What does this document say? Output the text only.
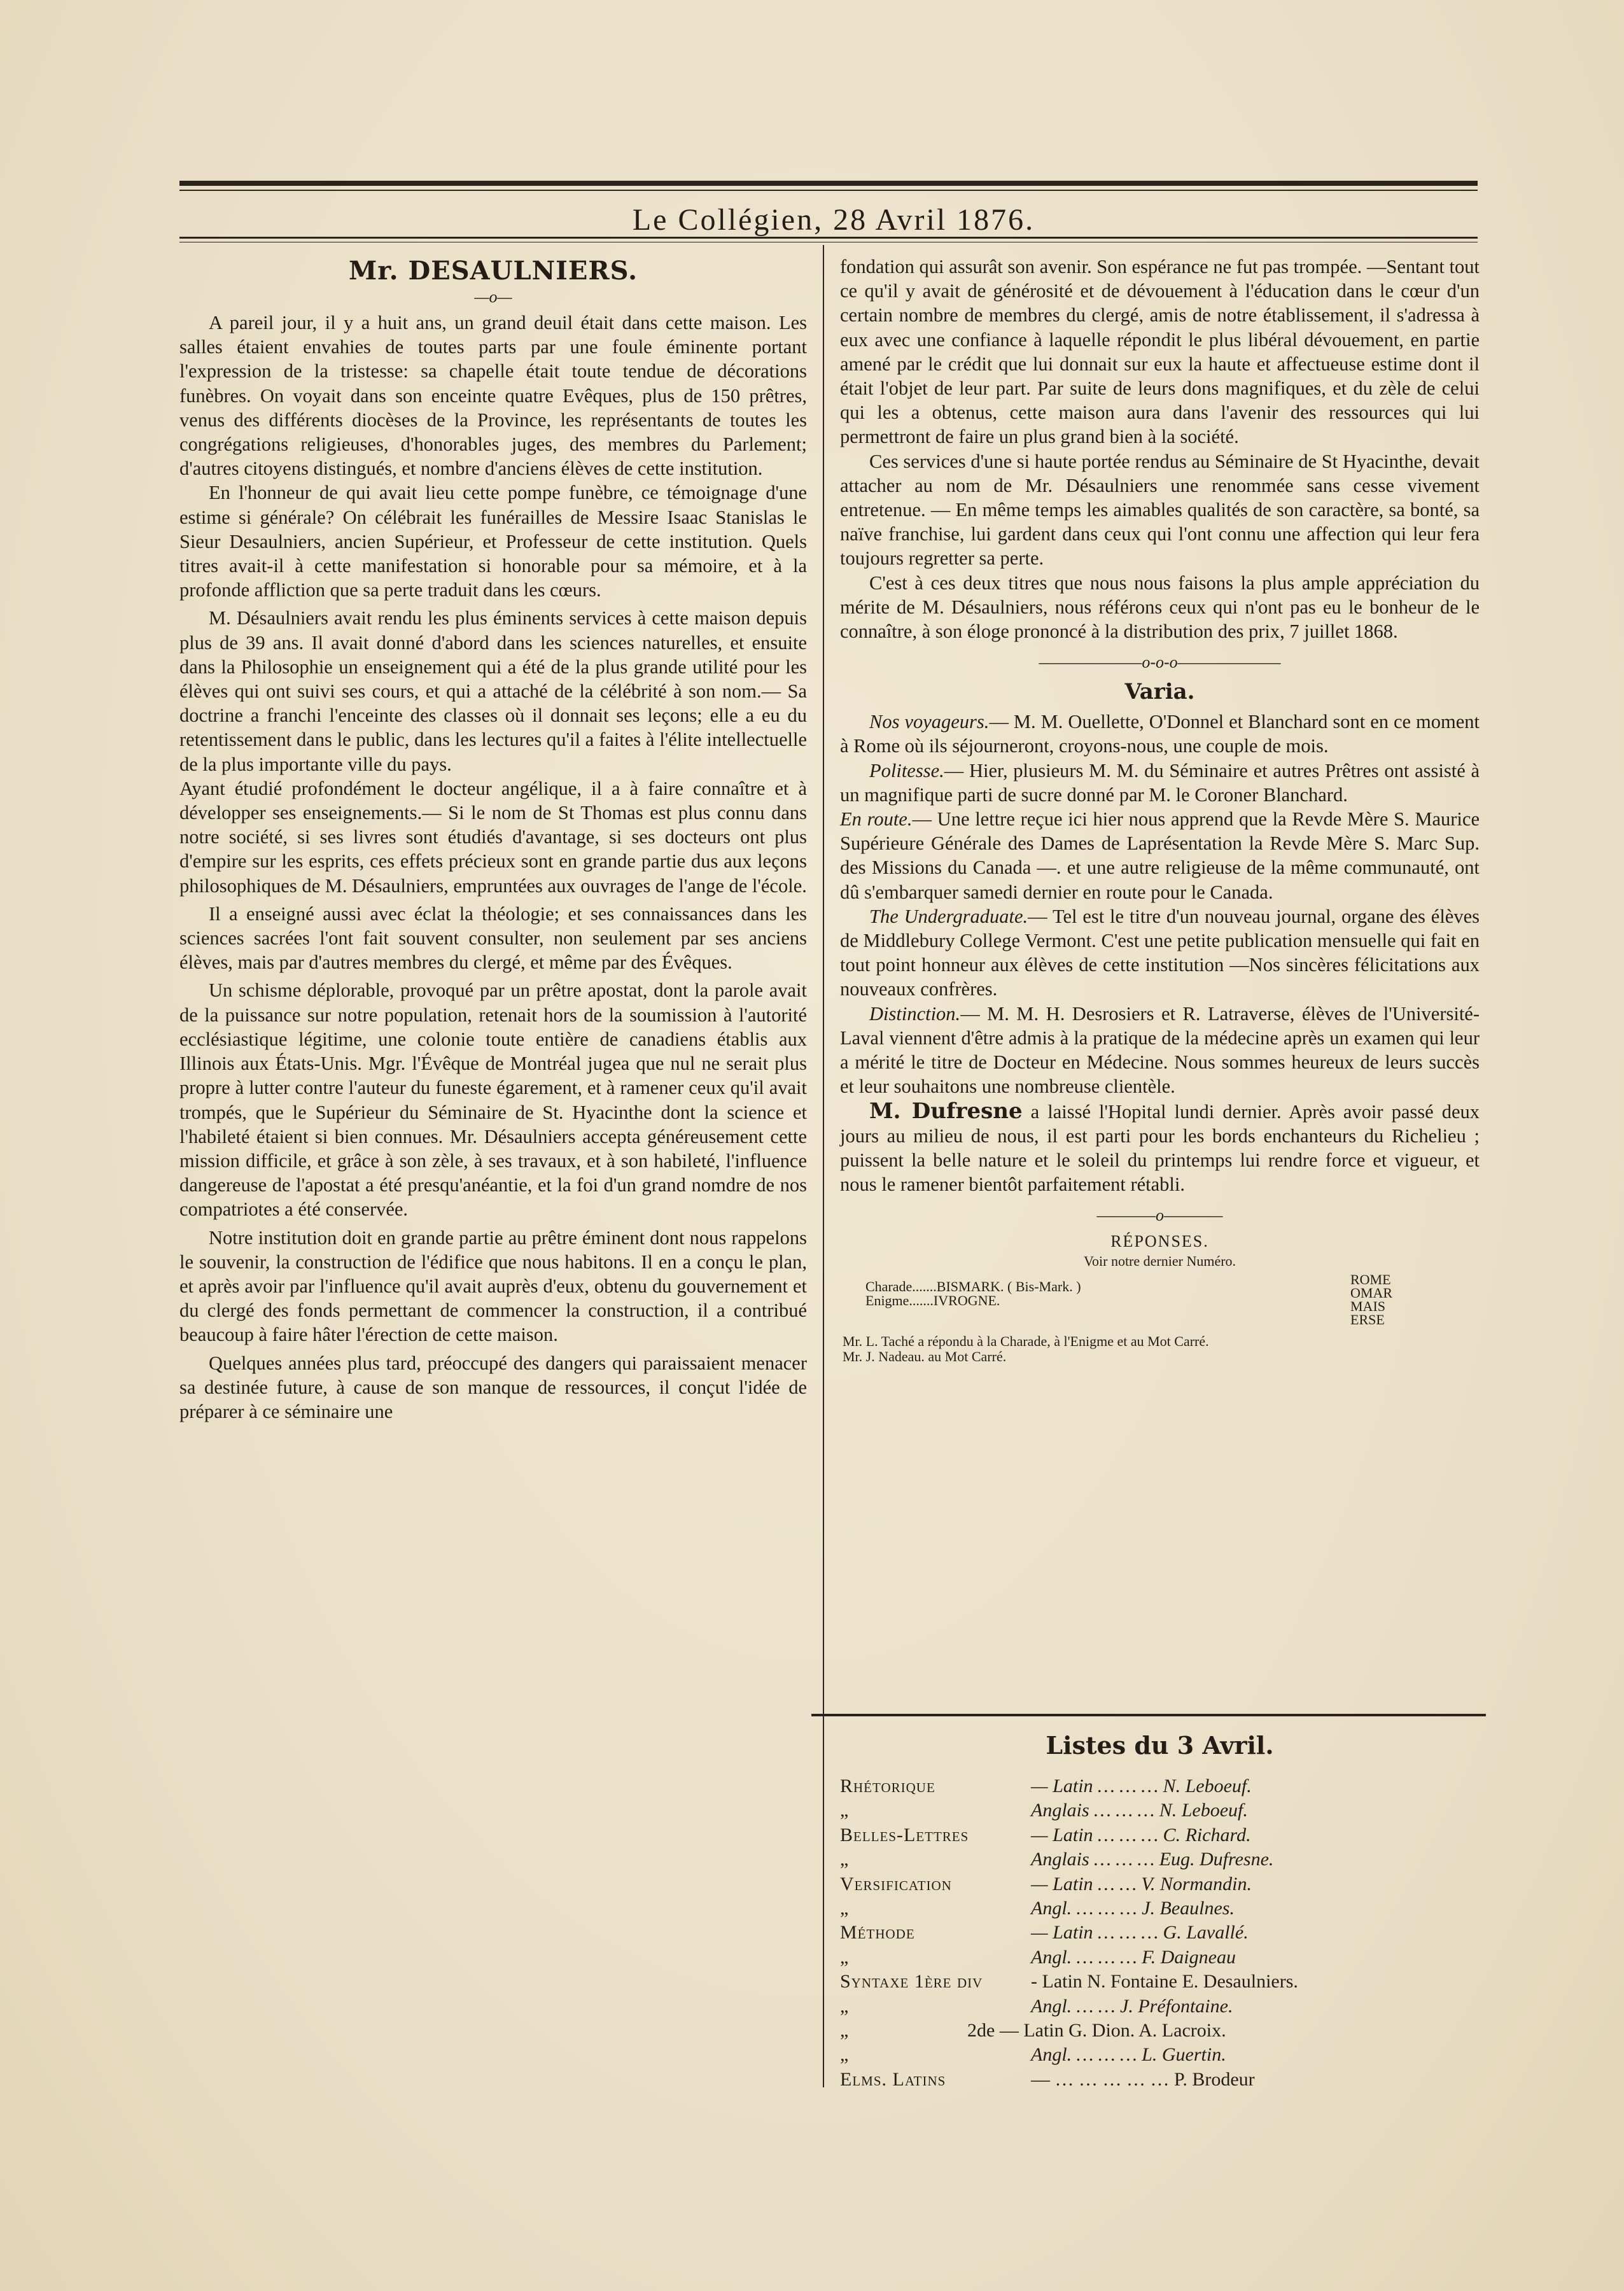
Le Collégien, 28 Avril 1876.
Mr. DESAULNIERS.
—o—

A pareil jour, il y a huit ans, un grand deuil était dans cette maison. Les salles étaient envahies de toutes parts par une foule éminente portant l'expression de la tristesse: sa chapelle était toute tendue de décorations funèbres. On voyait dans son enceinte quatre Evêques, plus de 150 prêtres, venus des différents diocèses de la Province, les représentants de toutes les congrégations religieuses, d'honorables juges, des membres du Parlement; d'autres citoyens distingués, et nombre d'anciens élèves de cette institution.

En l'honneur de qui avait lieu cette pompe funèbre, ce témoignage d'une estime si générale? On célébrait les funérailles de Messire Isaac Stanislas le Sieur Desaulniers, ancien Supérieur, et Professeur de cette institution. Quels titres avait-il à cette manifestation si honorable pour sa mémoire, et à la profonde affliction que sa perte traduit dans les cœurs.

M. Désaulniers avait rendu les plus éminents services à cette maison depuis plus de 39 ans. Il avait donné d'abord dans les sciences naturelles, et ensuite dans la Philosophie un enseignement qui a été de la plus grande utilité pour les élèves qui ont suivi ses cours, et qui a attaché de la célébrité à son nom.— Sa doctrine a franchi l'enceinte des classes où il donnait ses leçons; elle a eu du retentissement dans le public, dans les lectures qu'il a faites à l'élite intellectuelle de la plus importante ville du pays.

Ayant étudié profondément le docteur angélique, il a à faire connaître et à développer ses enseignements.— Si le nom de St Thomas est plus connu dans notre société, si ses livres sont étudiés d'avantage, si ses docteurs ont plus d'empire sur les esprits, ces effets précieux sont en grande partie dus aux leçons philosophiques de M. Désaulniers, empruntées aux ouvrages de l'ange de l'école.

Il a enseigné aussi avec éclat la théologie; et ses connaissances dans les sciences sacrées l'ont fait souvent consulter, non seulement par ses anciens élèves, mais par d'autres membres du clergé, et même par des Évêques.

Un schisme déplorable, provoqué par un prêtre apostat, dont la parole avait de la puissance sur notre population, retenait hors de la soumission à l'autorité ecclésiastique légitime, une colonie toute entière de canadiens établis aux Illinois aux États-Unis. Mgr. l'Évêque de Montréal jugea que nul ne serait plus propre à lutter contre l'auteur du funeste égarement, et à ramener ceux qu'il avait trompés, que le Supérieur du Séminaire de St. Hyacinthe dont la science et l'habileté étaient si bien connues. Mr. Désaulniers accepta généreusement cette mission difficile, et grâce à son zèle, à ses travaux, et à son habileté, l'influence dangereuse de l'apostat a été presqu'anéantie, et la foi d'un grand nomdre de nos compatriotes a été conservée.

Notre institution doit en grande partie au prêtre éminent dont nous rappelons le souvenir, la construction de l'édifice que nous habitons. Il en a conçu le plan, et après avoir par l'influence qu'il avait auprès d'eux, obtenu du gouvernement et du clergé des fonds permettant de commencer la construction, il a contribué beaucoup à faire hâter l'érection de cette maison.

Quelques années plus tard, préoccupé des dangers qui paraissaient menacer sa destinée future, à cause de son manque de ressources, il conçut l'idée de préparer à ce séminaire une

fondation qui assurât son avenir. Son espérance ne fut pas trompée. —Sentant tout ce qu'il y avait de générosité et de dévouement à l'éducation dans le cœur d'un certain nombre de membres du clergé, amis de notre établissement, il s'adressa à eux avec une confiance à laquelle répondit le plus libéral dévouement, en partie amené par le crédit que lui donnait sur eux la haute et affectueuse estime dont il était l'objet de leur part. Par suite de leurs dons magnifiques, et du zèle de celui qui les a obtenus, cette maison aura dans l'avenir des ressources qui lui permettront de faire un plus grand bien à la société.

Ces services d'une si haute portée rendus au Séminaire de St Hyacinthe, devait attacher au nom de Mr. Désaulniers une renommée sans cesse vivement entretenue. — En même temps les aimables qualités de son caractère, sa bonté, sa naïve franchise, lui gardent dans ceux qui l'ont connu une affection qui leur fera toujours regretter sa perte.

C'est à ces deux titres que nous nous faisons la plus ample appréciation du mérite de M. Désaulniers, nous référons ceux qui n'ont pas eu le bonheur de le connaître, à son éloge prononcé à la distribution des prix, 7 juillet 1868.

———————o-o-o———————
Varia.

Nos voyageurs.— M. M. Ouellette, O'Donnel et Blanchard sont en ce moment à Rome où ils séjourneront, croyons-nous, une couple de mois.

Politesse.— Hier, plusieurs M. M. du Séminaire et autres Prêtres ont assisté à un magnifique parti de sucre donné par M. le Coroner Blanchard.

En route.— Une lettre reçue ici hier nous apprend que la Revde Mère S. Maurice Supérieure Générale des Dames de Laprésentation la Revde Mère S. Marc Sup. des Missions du Canada —. et une autre religieuse de la même communauté, ont dû s'embarquer samedi dernier en route pour le Canada.

The Undergraduate.— Tel est le titre d'un nouveau journal, organe des élèves de Middlebury College Vermont. C'est une petite publication mensuelle qui fait en tout point honneur aux élèves de cette institution —Nos sincères félicitations aux nouveaux confrères.

Distinction.— M. M. H. Desrosiers et R. Latraverse, élèves de l'Université-Laval viennent d'être admis à la pratique de la médecine après un examen qui leur a mérité le titre de Docteur en Médecine. Nous sommes heureux de leurs succès et leur souhaitons une nombreuse clientèle.

M. Dufresne a laissé l'Hopital lundi dernier. Après avoir passé deux jours au milieu de nous, il est parti pour les bords enchanteurs du Richelieu ; puissent la belle nature et le soleil du printemps lui rendre force et vigueur, et nous le ramener bientôt parfaitement rétabli.

————o————
RÉPONSES.
Voir notre dernier Numéro.
Charade.......BISMARK. ( Bis-Mark. )
Enigme.......IVROGNE.
ROME
OMAR
MAIS
ERSE
Mr. L. Taché a répondu à la Charade, à l'Enigme et au Mot Carré.
Mr. J. Nadeau. au Mot Carré.
Listes du 3 Avril.
Rhétorique	— Latin … … … N. Leboeuf.
„	Anglais … … … N. Leboeuf.
Belles-Lettres	— Latin … … … C. Richard.
„	Anglais … … … Eug. Dufresne.
Versification	— Latin … … V. Normandin.
„	Angl. … … … J. Beaulnes.
Méthode	— Latin … … … G. Lavallé.
„	Angl. … … … F. Daigneau
Syntaxe 1ère div	- Latin N. Fontaine E. Desaulniers.
„	Angl. … … J. Préfontaine.
„	2de — Latin G. Dion. A. Lacroix.
„	Angl. … … … L. Guertin.
Elms. Latins	— … … … … … P. Brodeur
